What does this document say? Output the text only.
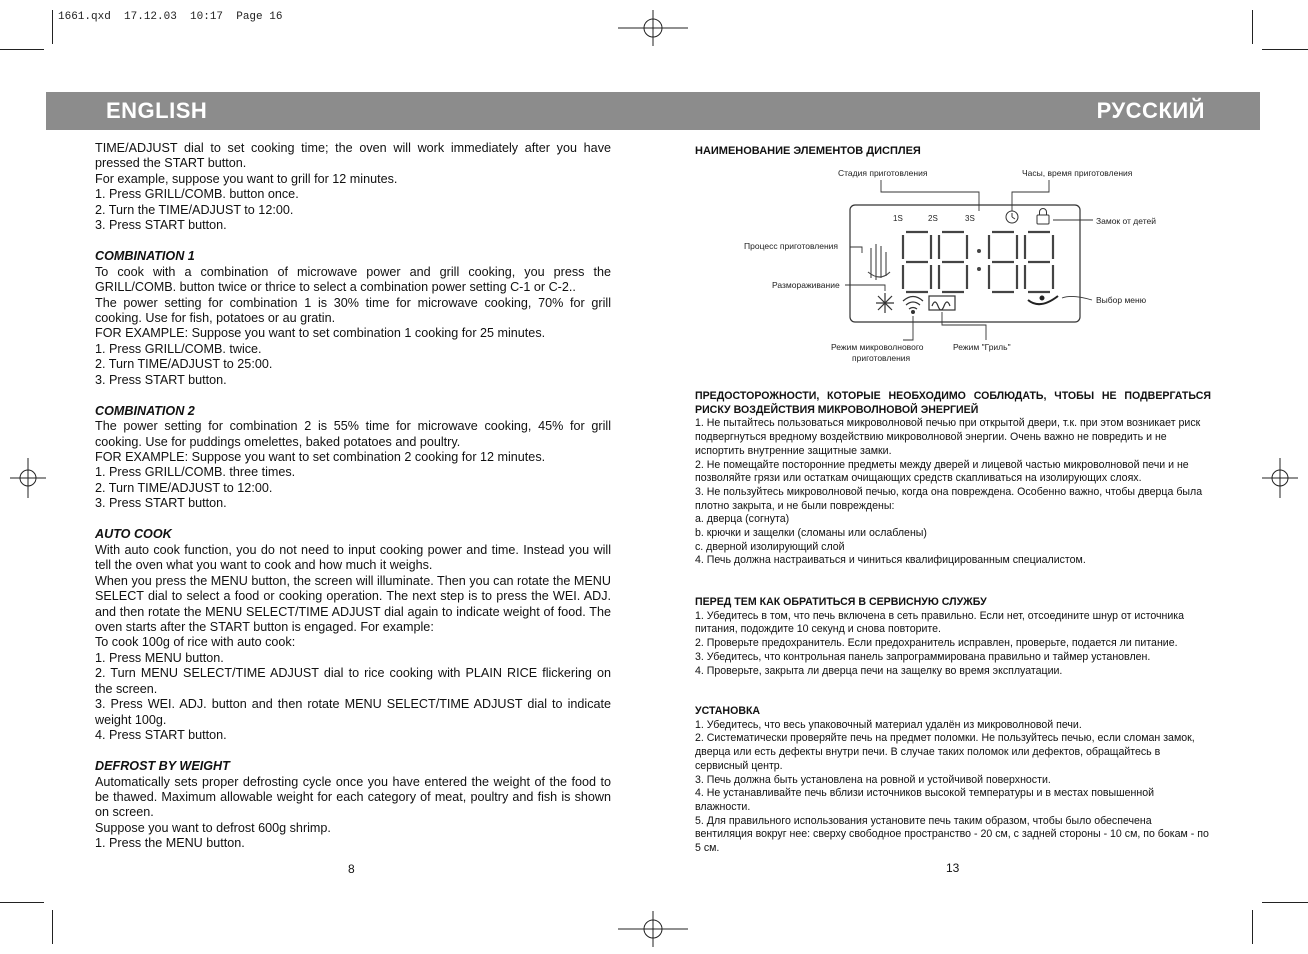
1661.qxd  17.12.03  10:17  Page 16
ENGLISH	РУССКИЙ

TIME/ADJUST dial to set cooking time; the oven will work immediately after you have pressed the START button.

For example, suppose you want to grill for 12 minutes.

1. Press GRILL/COMB. button once.

2. Turn the TIME/ADJUST to 12:00.

3. Press START button.

COMBINATION 1

To cook with a combination of microwave power and grill cooking, you press the GRILL/COMB. button twice or thrice to select a combination power setting C-1 or C-2..

The power setting for combination 1 is 30% time for microwave cooking, 70% for grill cooking. Use for fish, potatoes or au gratin.

FOR EXAMPLE: Suppose you want to set combination 1 cooking for 25 minutes.

1. Press GRILL/COMB. twice.

2. Turn TIME/ADJUST to 25:00.

3. Press START button.

COMBINATION 2

The power setting for combination 2 is 55% time for microwave cooking, 45% for grill cooking. Use for puddings omelettes, baked potatoes and poultry.

FOR EXAMPLE: Suppose you want to set combination 2 cooking for 12 minutes.

1. Press GRILL/COMB. three times.

2. Turn TIME/ADJUST to 12:00.

3. Press START button.

AUTO COOK

With auto cook function, you do not need to input cooking power and time. Instead you will tell the oven what you want to cook and how much it weighs.

When you press the MENU button, the screen will illuminate. Then you can rotate the MENU SELECT dial to select a food or cooking operation. The next step is to press the WEI. ADJ. and then rotate the MENU SELECT/TIME ADJUST dial again to indicate weight of food. The oven starts after the START button is engaged. For example:

To cook 100g of rice with auto cook:

1. Press MENU button.

2. Turn MENU SELECT/TIME ADJUST dial to rice cooking with PLAIN RICE flickering on the screen.

3. Press WEI. ADJ. button and then rotate MENU SELECT/TIME ADJUST dial to indicate weight 100g.

4. Press START button.

DEFROST BY WEIGHT

Automatically sets proper defrosting cycle once you have entered the weight of the food to be thawed. Maximum allowable weight for each category of meat, poultry and fish is shown on screen.

Suppose you want to defrost 600g shrimp.

1. Press the MENU button.

8
НАИМЕНОВАНИЕ ЭЛЕМЕНТОВ ДИСПЛЕЯ
1S	2S	3S
Стадия приготовления	Часы, время приготовления
Замок от детей
Процесс приготовления
Размораживание
Выбор меню
Режим микроволнового
приготовления
Режим "Гриль"

ПРЕДОСТОРОЖНОСТИ, КОТОРЫЕ НЕОБХОДИМО СОБЛЮДАТЬ, ЧТОБЫ НЕ ПОДВЕРГАТЬСЯ РИСКУ ВОЗДЕЙСТВИЯ МИКРОВОЛНОВОЙ ЭНЕРГИЕЙ

1. Не пытайтесь пользоваться микроволновой печью при открытой двери, т.к. при этом возникает риск подвергнуться вредному воздействию микроволновой энергии. Очень важно не повредить и не испортить внутренние защитные замки.

2. Не помещайте посторонние предметы между дверей и лицевой частью микроволновой печи и не позволяйте грязи или остаткам очищающих средств скапливаться на изолирующих слоях.

3. Не пользуйтесь микроволновой печью, когда она повреждена. Особенно важно, чтобы дверца была плотно закрыта, и не были повреждены:

a. дверца (согнута)

b. крючки и защелки (сломаны или ослаблены)

c. дверной изолирующий слой

4. Печь должна настраиваться и чиниться квалифицированным специалистом.

ПЕРЕД ТЕМ КАК ОБРАТИТЬСЯ В СЕРВИСНУЮ СЛУЖБУ

1. Убедитесь в том, что печь включена в сеть правильно. Если нет, отсоедините шнур от источника питания, подождите 10 секунд и снова повторите.

2. Проверьте предохранитель. Если предохранитель исправлен, проверьте, подается ли питание.

3. Убедитесь, что контрольная панель запрограммирована правильно и таймер установлен.

4. Проверьте, закрыта ли дверца печи на защелку во время эксплуатации.

УСТАНОВКА

1. Убедитесь, что весь упаковочный материал удалён из микроволновой печи.

2. Систематически проверяйте печь на предмет поломки. Не пользуйтесь печью, если сломан замок, дверца или есть дефекты внутри печи. В случае таких поломок или дефектов, обращайтесь в сервисный центр.

3. Печь должна быть установлена на ровной и устойчивой поверхности.

4. Не устанавливайте печь вблизи источников высокой температуры и в местах повышенной влажности.

5. Для правильного использования установите печь таким образом, чтобы было обеспечена вентиляция вокруг нее: сверху свободное пространство - 20 см, с задней стороны - 10 см, по бокам - по 5 см.

13
